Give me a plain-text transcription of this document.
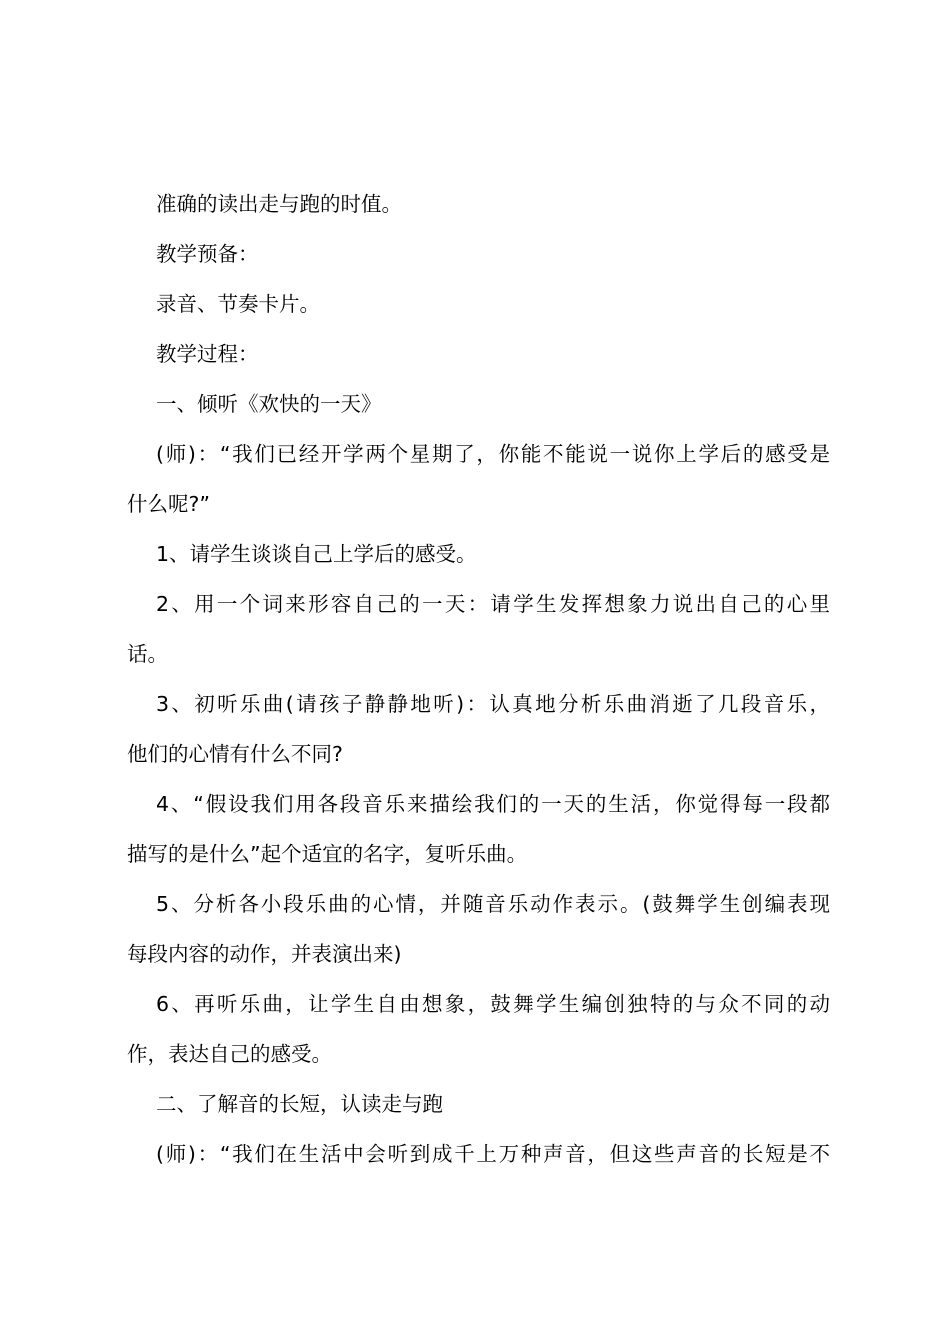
准确的读出走与跑的时值。
教学预备：
录音、节奏卡片。
教学过程：
一、倾听《欢快的一天》
(师)：“我们已经开学两个星期了，你能不能说一说你上学后的感受是
什么呢?”
1、请学生谈谈自己上学后的感受。
2、用一个词来形容自己的一天：请学生发挥想象力说出自己的心里
话。
3、初听乐曲(请孩子静静地听)：认真地分析乐曲消逝了几段音乐，
他们的心情有什么不同?
4、“假设我们用各段音乐来描绘我们的一天的生活，你觉得每一段都
描写的是什么”起个适宜的名字，复听乐曲。
5、分析各小段乐曲的心情，并随音乐动作表示。(鼓舞学生创编表现
每段内容的动作，并表演出来)
6、再听乐曲，让学生自由想象，鼓舞学生编创独特的与众不同的动
作，表达自己的感受。
二、了解音的长短，认读走与跑
(师)：“我们在生活中会听到成千上万种声音，但这些声音的长短是不
